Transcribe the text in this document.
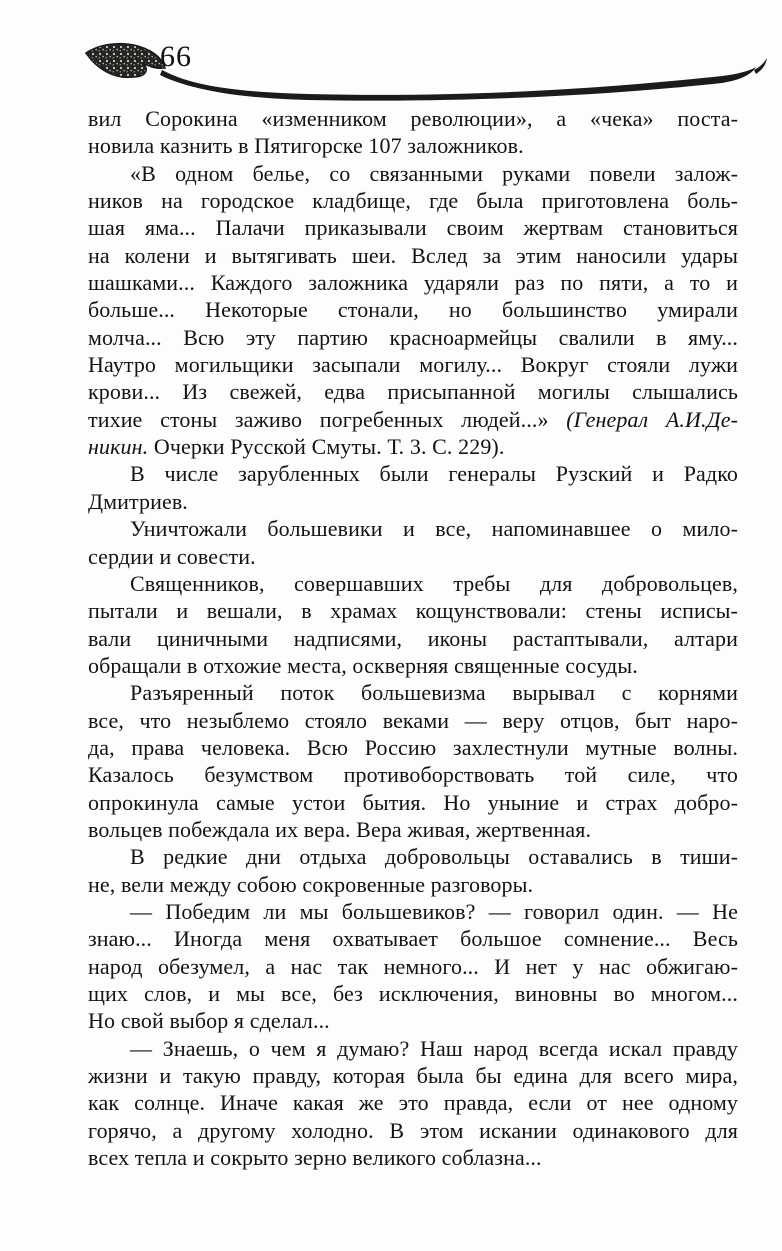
66
вил Сорокина «изменником революции», а «чека» поста-
новила казнить в Пятигорске 107 заложников.
«В одном белье, со связанными руками повели залож-
ников на городское кладбище, где была приготовлена боль-
шая яма... Палачи приказывали своим жертвам становиться
на колени и вытягивать шеи. Вслед за этим наносили удары
шашками... Каждого заложника ударяли раз по пяти, а то и
больше... Некоторые стонали, но большинство умирали
молча... Всю эту партию красноармейцы свалили в яму...
Наутро могильщики засыпали могилу... Вокруг стояли лужи
крови... Из свежей, едва присыпанной могилы слышались
тихие стоны заживо погребенных людей...» (Генерал А.И.Де-
никин. Очерки Русской Смуты. Т. 3. С. 229).
В числе зарубленных были генералы Рузский и Радко
Дмитриев.
Уничтожали большевики и все, напоминавшее о мило-
сердии и совести.
Священников, совершавших требы для добровольцев,
пытали и вешали, в храмах кощунствовали: стены исписы-
вали циничными надписями, иконы растаптывали, алтари
обращали в отхожие места, оскверняя священные сосуды.
Разъяренный поток большевизма вырывал с корнями
все, что незыблемо стояло веками — веру отцов, быт наро-
да, права человека. Всю Россию захлестнули мутные волны.
Казалось безумством противоборствовать той силе, что
опрокинула самые устои бытия. Но уныние и страх добро-
вольцев побеждала их вера. Вера живая, жертвенная.
В редкие дни отдыха добровольцы оставались в тиши-
не, вели между собою сокровенные разговоры.
— Победим ли мы большевиков? — говорил один. — Не
знаю... Иногда меня охватывает большое сомнение... Весь
народ обезумел, а нас так немного... И нет у нас обжигаю-
щих слов, и мы все, без исключения, виновны во многом...
Но свой выбор я сделал...
— Знаешь, о чем я думаю? Наш народ всегда искал правду
жизни и такую правду, которая была бы едина для всего мира,
как солнце. Иначе какая же это правда, если от нее одному
горячо, а другому холодно. В этом искании одинакового для
всех тепла и сокрыто зерно великого соблазна...
